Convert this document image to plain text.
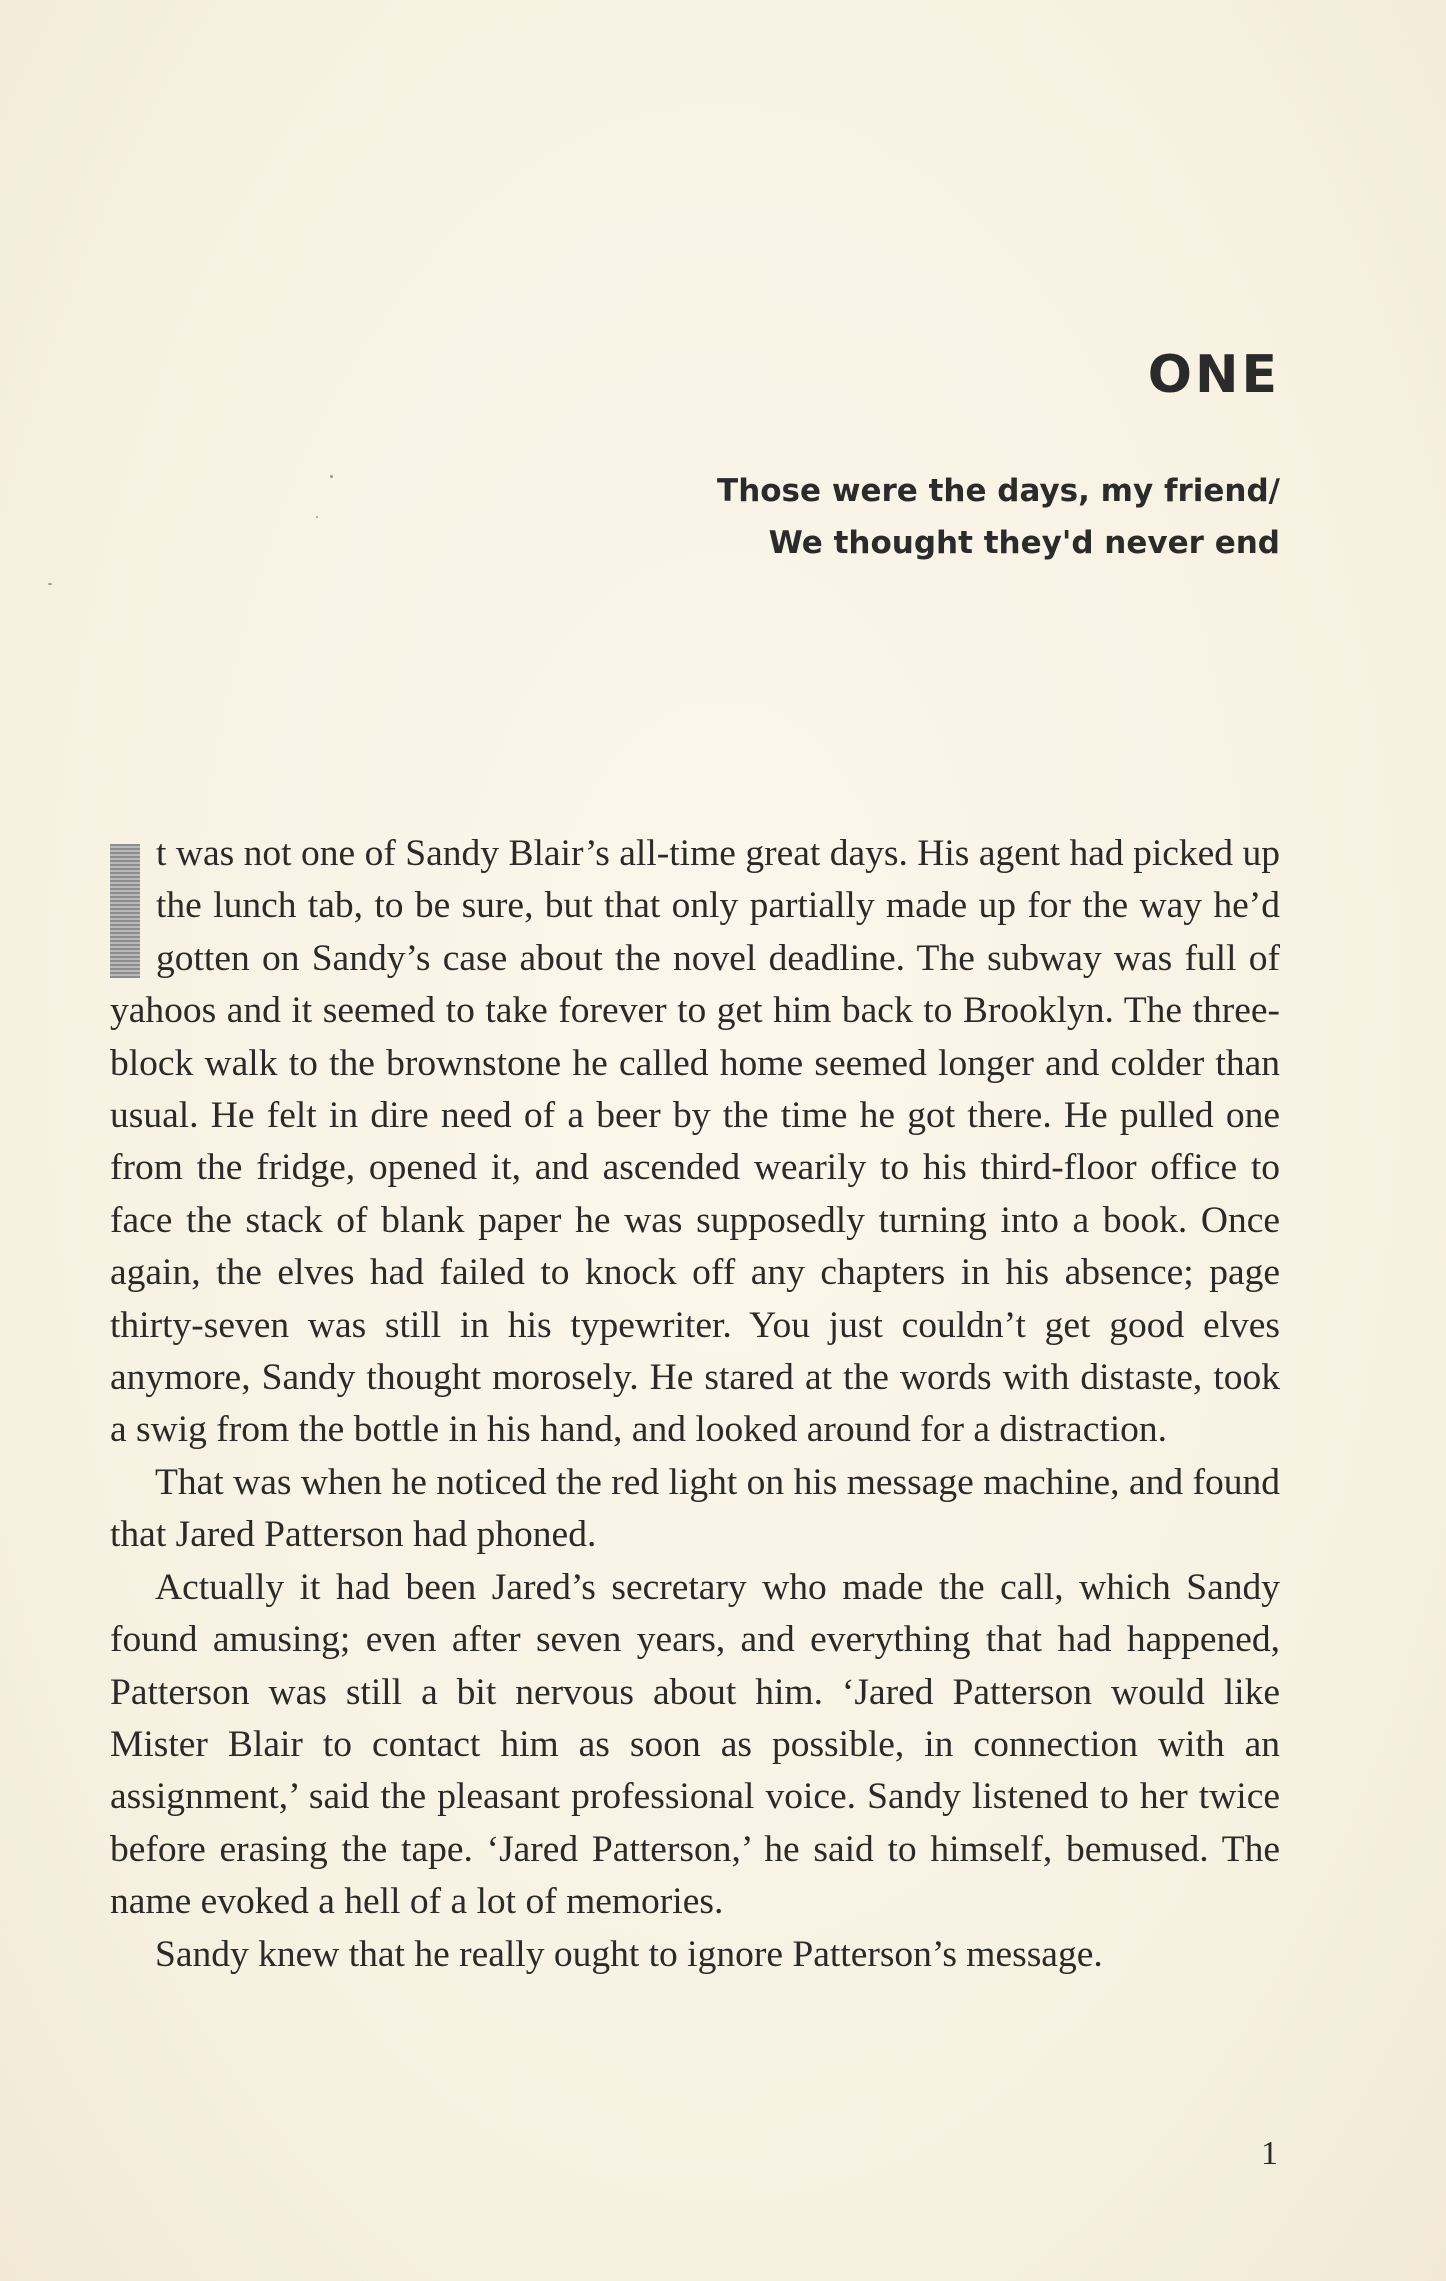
ONE
Those were the days, my friend/
We thought they'd never end

t was not one of Sandy Blair’s all-time great days. His agent had picked up the lunch tab, to be sure, but that only partially made up for the way he’d gotten on Sandy’s case about the novel deadline. The subway was full of yahoos and it seemed to take forever to get him back to Brooklyn. The three-block walk to the brownstone he called home seemed longer and colder than usual. He felt in dire need of a beer by the time he got there. He pulled one from the fridge, opened it, and ascended wearily to his third-floor office to face the stack of blank paper he was supposedly turning into a book. Once again, the elves had failed to knock off any chapters in his absence; page thirty-seven was still in his typewriter. You just couldn’t get good elves anymore, Sandy thought morosely. He stared at the words with distaste, took a swig from the bottle in his hand, and looked around for a distraction.

That was when he noticed the red light on his message machine, and found that Jared Patterson had phoned.

Actually it had been Jared’s secretary who made the call, which Sandy found amusing; even after seven years, and everything that had happened, Patterson was still a bit nervous about him. ‘Jared Patterson would like Mister Blair to contact him as soon as possible, in connection with an assignment,’ said the pleasant professional voice. Sandy listened to her twice before erasing the tape. ‘Jared Patterson,’ he said to himself, bemused. The name evoked a hell of a lot of memories.

Sandy knew that he really ought to ignore Patterson’s message.

1
